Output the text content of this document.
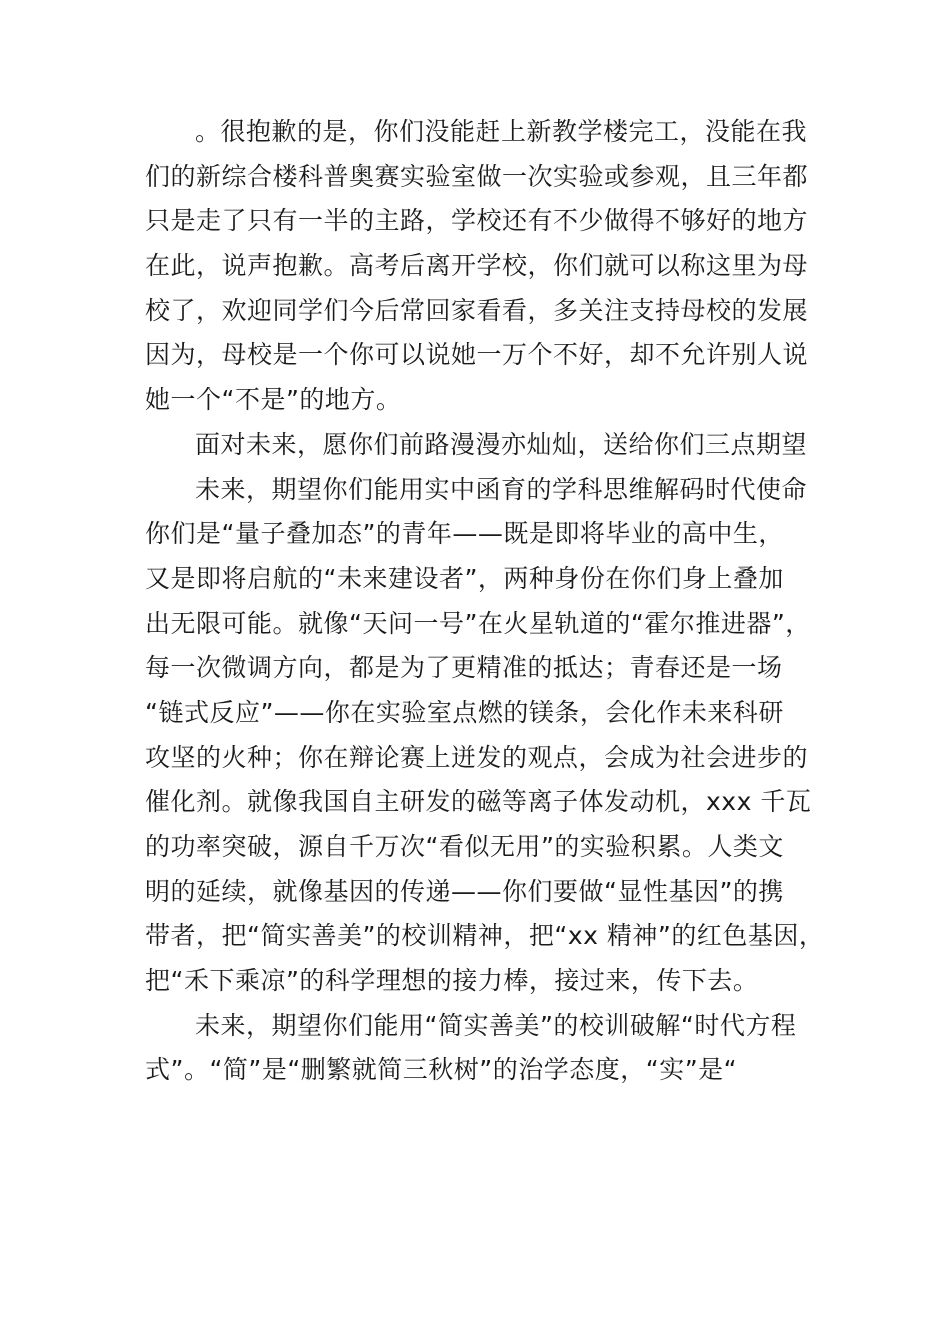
。很抱歉的是，你们没能赶上新教学楼完工，没能在我
们的新综合楼科普奥赛实验室做一次实验或参观，且三年都
只是走了只有一半的主路，学校还有不少做得不够好的地方
在此，说声抱歉。高考后离开学校，你们就可以称这里为母
校了，欢迎同学们今后常回家看看，多关注支持母校的发展
因为，母校是一个你可以说她一万个不好，却不允许别人说
她一个“不是”的地方。
面对未来，愿你们前路漫漫亦灿灿，送给你们三点期望
未来，期望你们能用实中函育的学科思维解码时代使命
你们是“量子叠加态”的青年——既是即将毕业的高中生，
又是即将启航的“未来建设者”，两种身份在你们身上叠加
出无限可能。就像“天问一号”在火星轨道的“霍尔推进器”，
每一次微调方向，都是为了更精准的抵达；青春还是一场
“链式反应”——你在实验室点燃的镁条，会化作未来科研
攻坚的火种；你在辩论赛上迸发的观点，会成为社会进步的
催化剂。就像我国自主研发的磁等离子体发动机，xxx 千瓦
的功率突破，源自千万次“看似无用”的实验积累。人类文
明的延续，就像基因的传递——你们要做“显性基因”的携
带者，把“简实善美”的校训精神，把“xx 精神”的红色基因，
把“禾下乘凉”的科学理想的接力棒，接过来，传下去。
未来，期望你们能用“简实善美”的校训破解“时代方程
式”。“简”是“删繁就简三秋树”的治学态度，“实”是“
